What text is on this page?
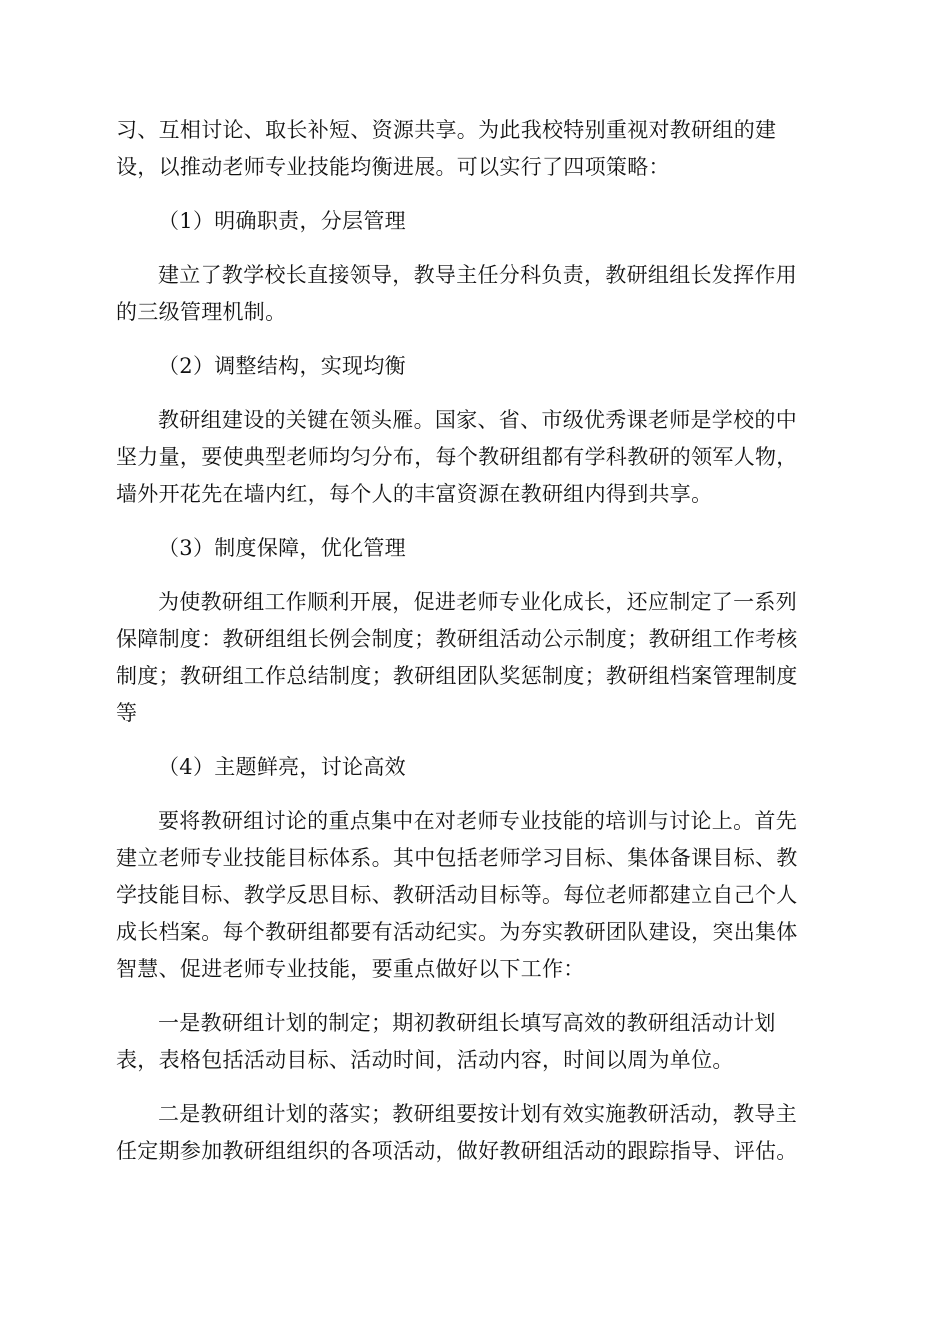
习、互相讨论、取长补短、资源共享。为此我校特别重视对教研组的建
设，以推动老师专业技能均衡进展。可以实行了四项策略：

（1）明确职责，分层管理

建立了教学校长直接领导，教导主任分科负责，教研组组长发挥作用
的三级管理机制。

（2）调整结构，实现均衡

教研组建设的关键在领头雁。国家、省、市级优秀课老师是学校的中
坚力量，要使典型老师均匀分布，每个教研组都有学科教研的领军人物，
墙外开花先在墙内红，每个人的丰富资源在教研组内得到共享。

（3）制度保障，优化管理

为使教研组工作顺利开展，促进老师专业化成长，还应制定了一系列
保障制度：教研组组长例会制度；教研组活动公示制度；教研组工作考核
制度；教研组工作总结制度；教研组团队奖惩制度；教研组档案管理制度
等

（4）主题鲜亮，讨论高效

要将教研组讨论的重点集中在对老师专业技能的培训与讨论上。首先
建立老师专业技能目标体系。其中包括老师学习目标、集体备课目标、教
学技能目标、教学反思目标、教研活动目标等。每位老师都建立自己个人
成长档案。每个教研组都要有活动纪实。为夯实教研团队建设，突出集体
智慧、促进老师专业技能，要重点做好以下工作：

一是教研组计划的制定；期初教研组长填写高效的教研组活动计划
表，表格包括活动目标、活动时间，活动内容，时间以周为单位。

二是教研组计划的落实；教研组要按计划有效实施教研活动，教导主
任定期参加教研组组织的各项活动，做好教研组活动的跟踪指导、评估。
